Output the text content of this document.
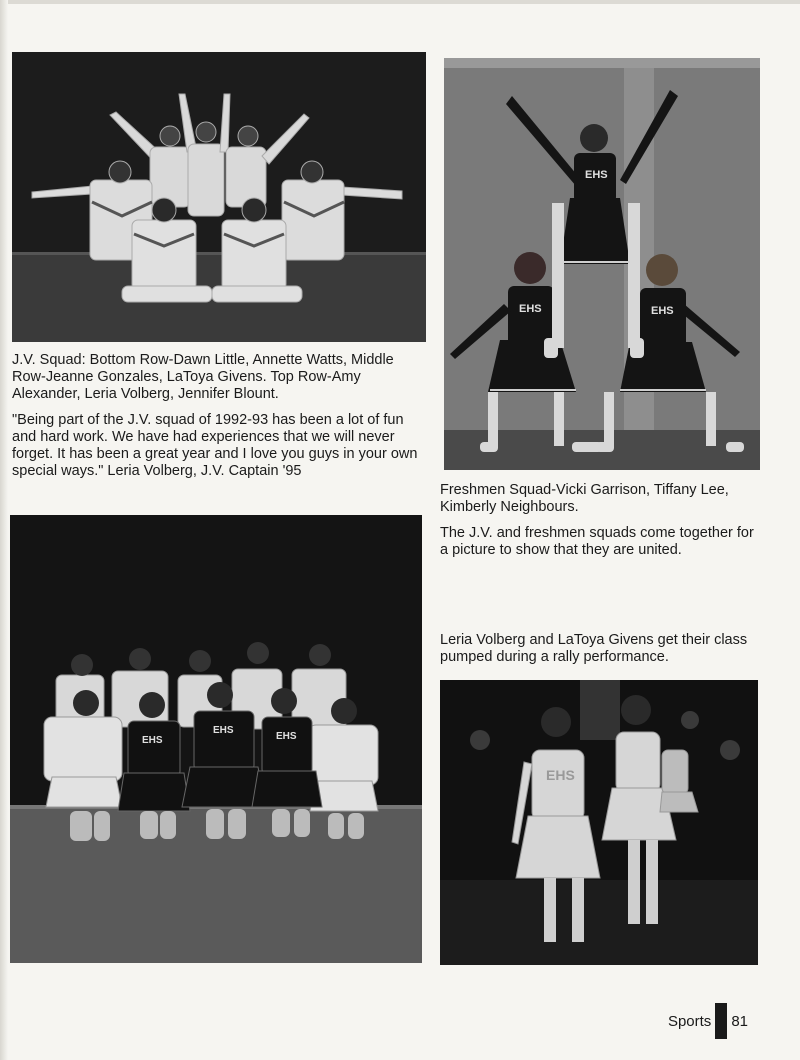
EHS
EHS	EHS

J.V. Squad: Bottom Row-Dawn Little, Annette Watts, Middle Row-Jeanne Gonzales, LaToya Givens. Top Row-Amy Alexander, Leria Volberg, Jennifer Blount.

"Being part of the J.V. squad of 1992-93 has been a lot of fun and hard work. We have had experiences that we will never forget. It has been a great year and I love you guys in your own special ways." Leria Volberg, J.V. Captain '95

Freshmen Squad-Vicki Garrison, Tiffany Lee, Kimberly Neighbours.

The J.V. and freshmen squads come together for a picture to show that they are united.

EHS
EHS
EHS

Leria Volberg and LaToya Givens get their class pumped during a rally performance.

EHS
Sports 81
